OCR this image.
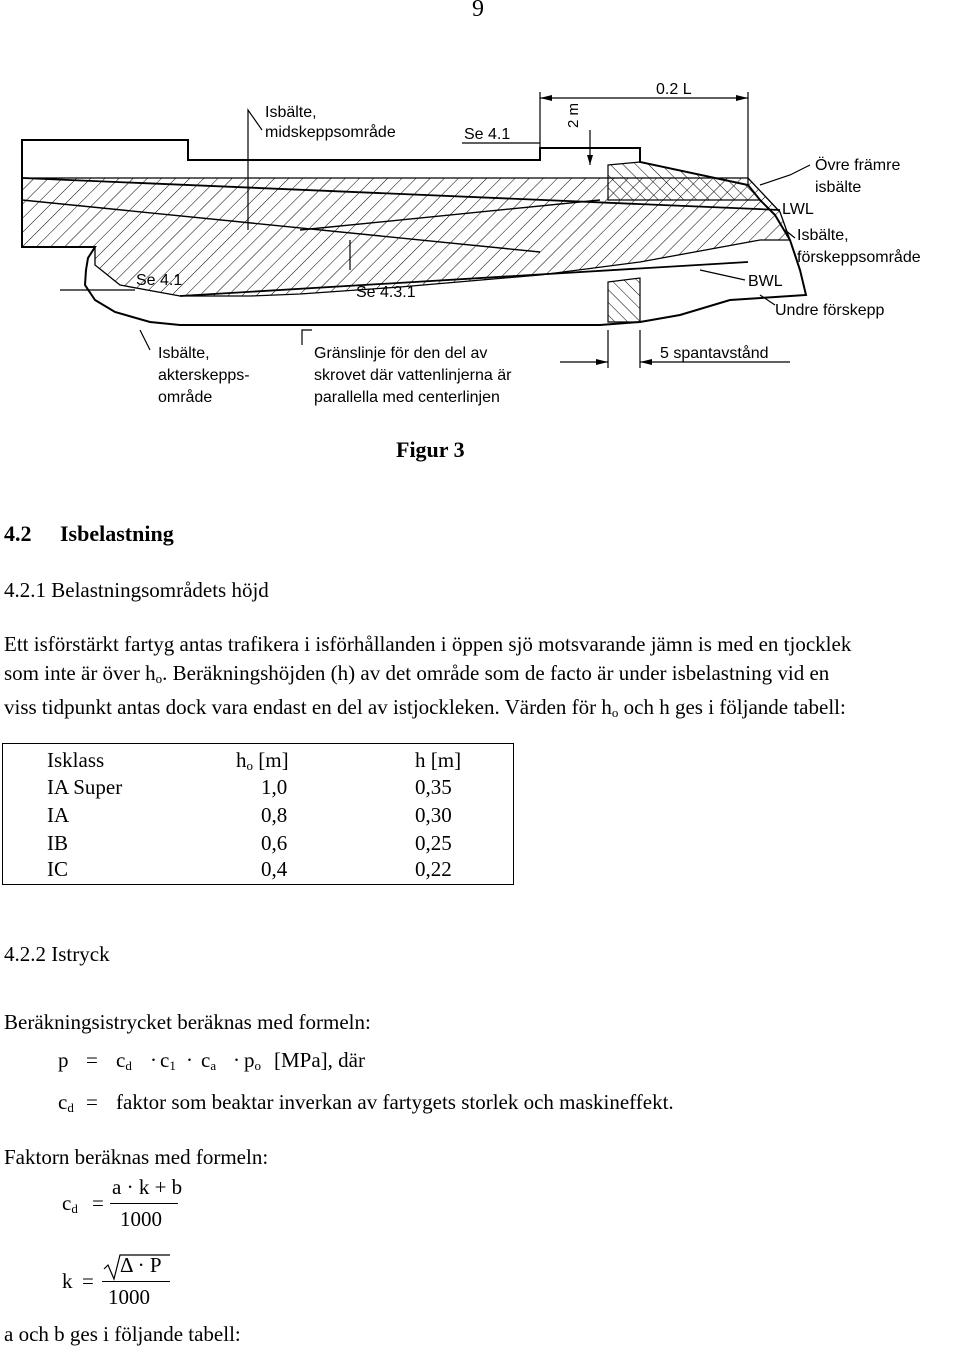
9
Isbälte,
midskeppsområde	Se 4.1
2 m
0.2 L
Övre främre
isbälte
LWL
Isbälte,
förskeppsområde
BWL
Undre förskepp
Se 4.1
Se 4.3.1
Isbälte,
akterskepps-
område
Gränslinje för den del av
skrovet där vattenlinjerna är
parallella med centerlinjen
5 spantavstånd
Figur 3
4.2 Isbelastning
4.2.1 Belastningsområdets höjd

Ett isförstärkt fartyg antas trafikera i isförhållanden i öppen sjö motsvarande jämn is med en tjocklek

som inte är över $h_o$. Beräkningshöjden (h) av det område som de facto är under isbelastning vid en

viss tidpunkt antas dock vara endast en del av istjockleken. Värden för $h_o$ och h ges i följande tabell:

Isklass	$h_o$ [m]	h [m]
IA Super	1,0	0,35
IA	0,8	0,30
IB	0,6	0,25
IC	0,4	0,22
4.2.2 Istryck
Beräkningsistrycket beräknas med formeln:
$p = c_d \cdot c_1 \cdot c_a \cdot p_o$ [MPa], där
$c_d$ = faktor som beaktar inverkan av fartygets storlek och maskineffekt.
Faktorn beräknas med formeln:
$c_d$ =
a · k + b
1000
k =
Δ · P
1000
a och b ges i följande tabell:
